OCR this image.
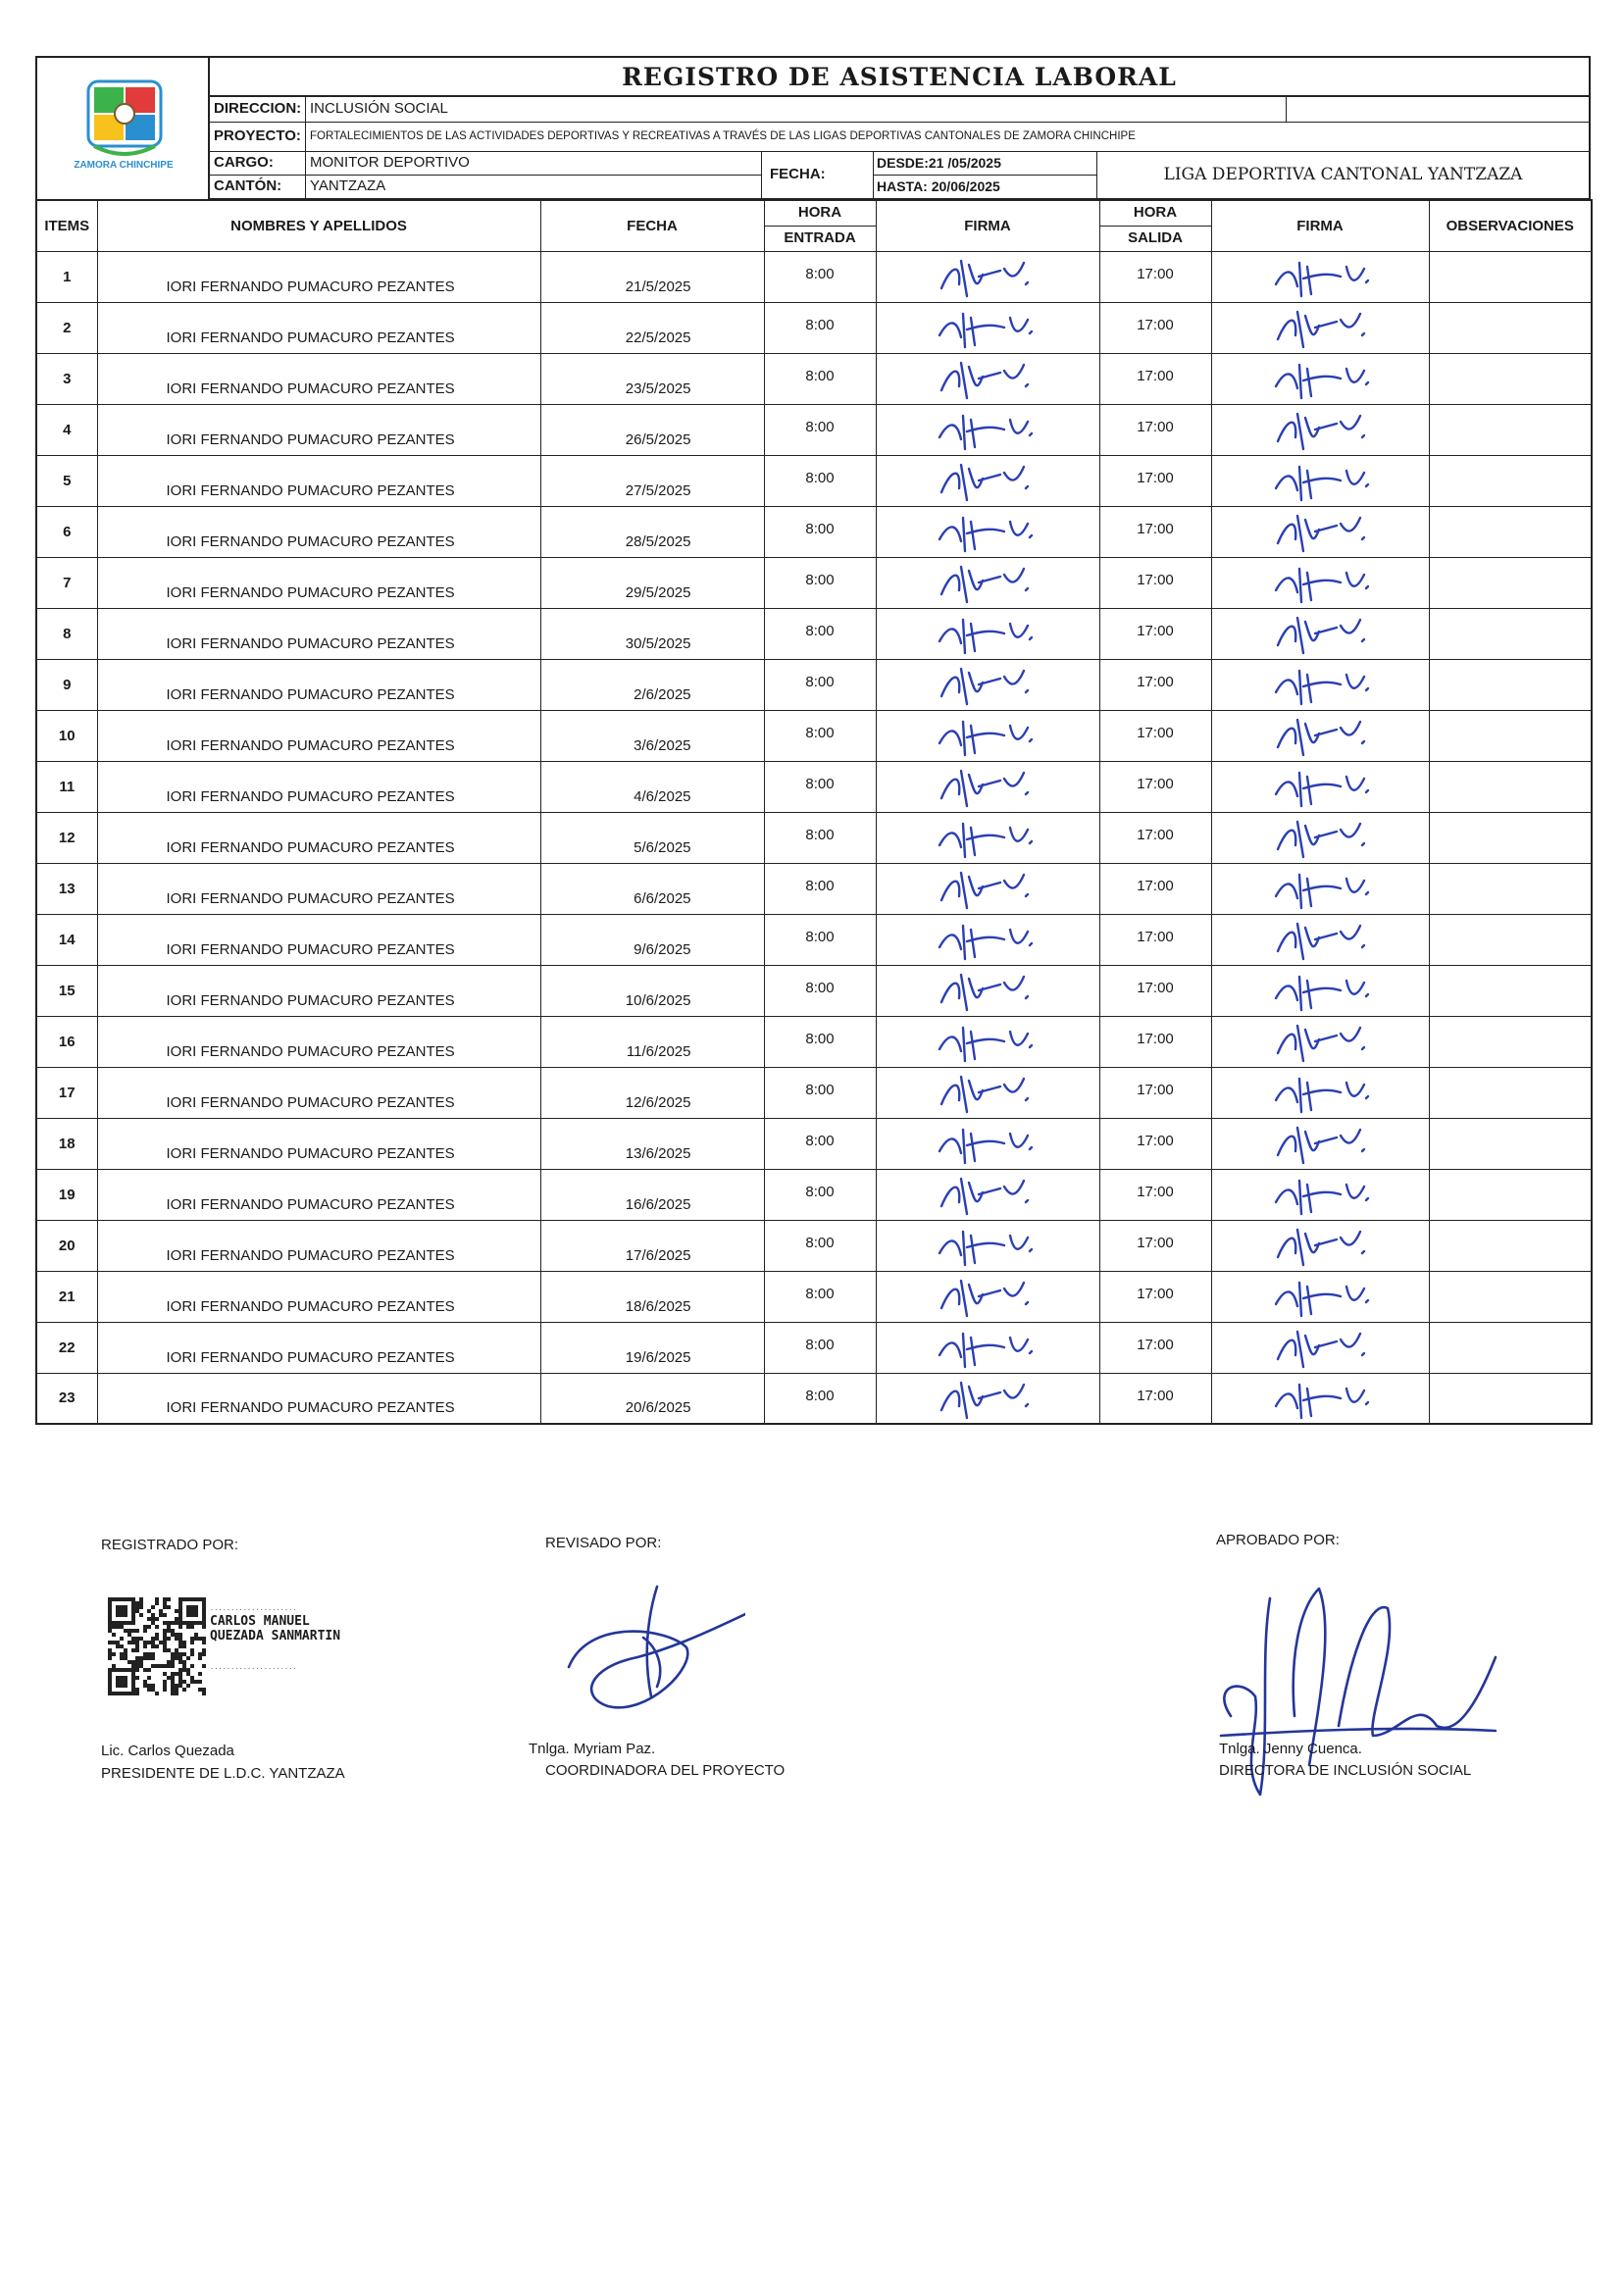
ZAMORA CHINCHIPE
REGISTRO DE ASISTENCIA LABORAL
DIRECCION: INCLUSIÓN SOCIAL
PROYECTO: FORTALECIMIENTOS DE LAS ACTIVIDADES DEPORTIVAS Y RECREATIVAS A TRAVÉS DE LAS LIGAS DEPORTIVAS CANTONALES DE ZAMORA CHINCHIPE
CARGO:	MONITOR DEPORTIVO
CANTÓN:	YANTZAZA
FECHA:
DESDE:21 /05/2025
HASTA: 20/06/2025
LIGA DEPORTIVA CANTONAL YANTZAZA
ITEMS	NOMBRES Y APELLIDOS	FECHA	HORA	FIRMA	HORA	FIRMA	OBSERVACIONES
			ENTRADA		SALIDA		
1	IORI FERNANDO PUMACURO PEZANTES	21/5/2025	8:00		17:00	

2	IORI FERNANDO PUMACURO PEZANTES	22/5/2025	8:00		17:00	

3	IORI FERNANDO PUMACURO PEZANTES	23/5/2025	8:00		17:00	

4	IORI FERNANDO PUMACURO PEZANTES	26/5/2025	8:00		17:00	

5	IORI FERNANDO PUMACURO PEZANTES	27/5/2025	8:00		17:00	

6	IORI FERNANDO PUMACURO PEZANTES	28/5/2025	8:00		17:00	

7	IORI FERNANDO PUMACURO PEZANTES	29/5/2025	8:00		17:00	

8	IORI FERNANDO PUMACURO PEZANTES	30/5/2025	8:00		17:00	

9	IORI FERNANDO PUMACURO PEZANTES	2/6/2025	8:00		17:00	

10	IORI FERNANDO PUMACURO PEZANTES	3/6/2025	8:00		17:00	

11	IORI FERNANDO PUMACURO PEZANTES	4/6/2025	8:00		17:00	

12	IORI FERNANDO PUMACURO PEZANTES	5/6/2025	8:00		17:00	

13	IORI FERNANDO PUMACURO PEZANTES	6/6/2025	8:00		17:00	

14	IORI FERNANDO PUMACURO PEZANTES	9/6/2025	8:00		17:00	

15	IORI FERNANDO PUMACURO PEZANTES	10/6/2025	8:00		17:00	

16	IORI FERNANDO PUMACURO PEZANTES	11/6/2025	8:00		17:00	

17	IORI FERNANDO PUMACURO PEZANTES	12/6/2025	8:00		17:00	

18	IORI FERNANDO PUMACURO PEZANTES	13/6/2025	8:00		17:00	

19	IORI FERNANDO PUMACURO PEZANTES	16/6/2025	8:00		17:00	

20	IORI FERNANDO PUMACURO PEZANTES	17/6/2025	8:00		17:00	

21	IORI FERNANDO PUMACURO PEZANTES	18/6/2025	8:00		17:00	

22	IORI FERNANDO PUMACURO PEZANTES	19/6/2025	8:00		17:00	

23	IORI FERNANDO PUMACURO PEZANTES	20/6/2025	8:00		17:00	

REGISTRADO POR:	REVISADO POR:	APROBADO POR:
·····················
CARLOS MANUEL
QUEZADA SANMARTIN
·····················
Tnlga. Myriam Paz.
COORDINADORA DEL PROYECTO
Lic. Carlos Quezada
PRESIDENTE DE L.D.C. YANTZAZA
Tnlga. Jenny Cuenca.
DIRECTORA DE INCLUSIÓN SOCIAL
